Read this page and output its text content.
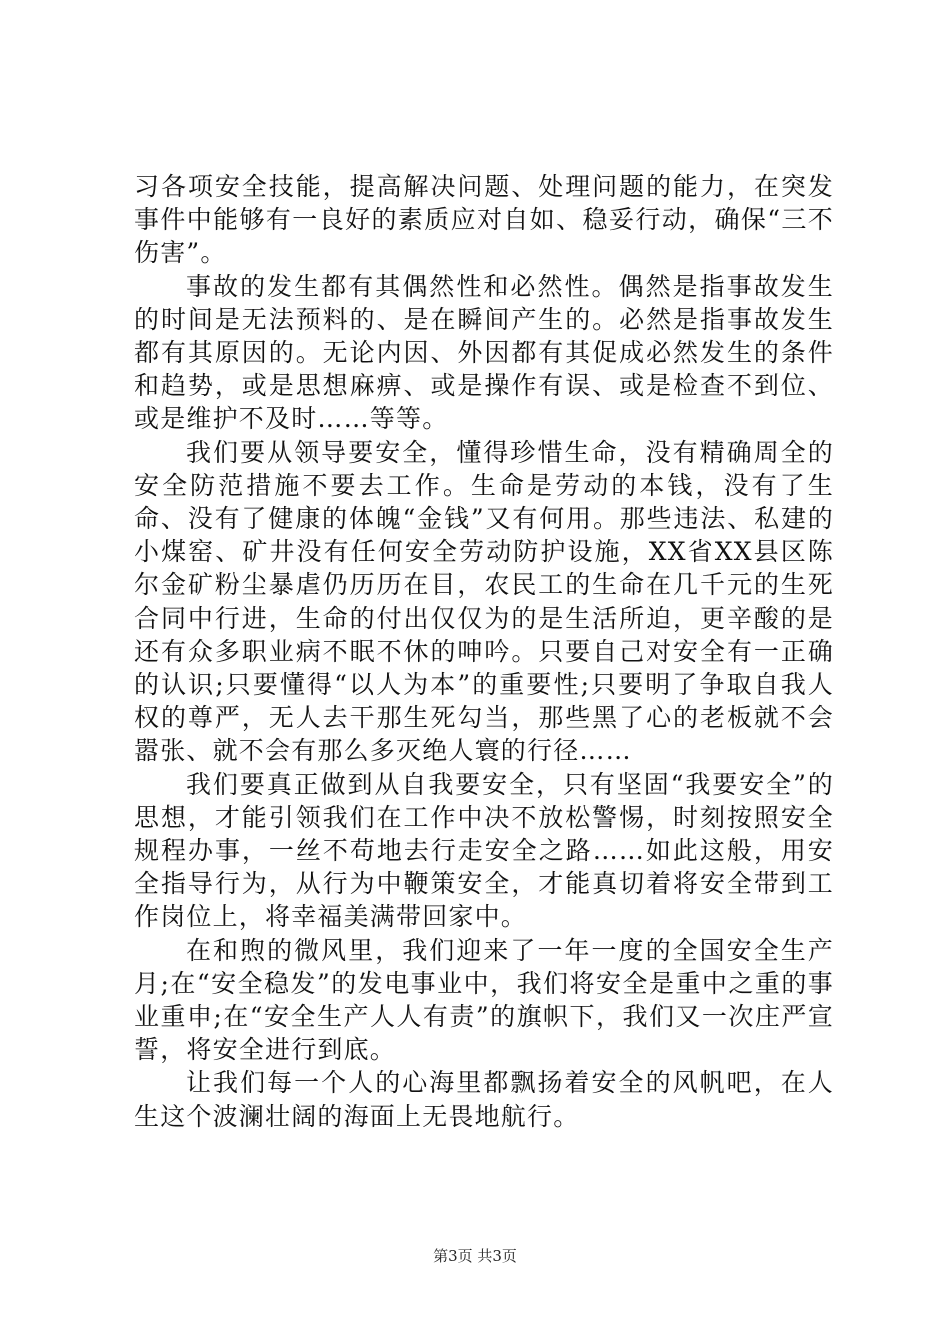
习各项安全技能，提高解决问题、处理问题的能力，在突发事件中能够有一良好的素质应对自如、稳妥行动，确保“三不伤害”。

事故的发生都有其偶然性和必然性。偶然是指事故发生的时间是无法预料的、是在瞬间产生的。必然是指事故发生都有其原因的。无论内因、外因都有其促成必然发生的条件和趋势，或是思想麻痹、或是操作有误、或是检查不到位、或是维护不及时……等等。

我们要从领导要安全，懂得珍惜生命，没有精确周全的安全防范措施不要去工作。生命是劳动的本钱，没有了生命、没有了健康的体魄“金钱”又有何用。那些违法、私建的小煤窑、矿井没有任何安全劳动防护设施，XX省XX县区陈尔金矿粉尘暴虐仍历历在目，农民工的生命在几千元的生死合同中行进，生命的付出仅仅为的是生活所迫，更辛酸的是还有众多职业病不眠不休的呻吟。只要自己对安全有一正确的认识;只要懂得“以人为本”的重要性;只要明了争取自我人权的尊严，无人去干那生死勾当，那些黑了心的老板就不会嚣张、就不会有那么多灭绝人寰的行径……

我们要真正做到从自我要安全，只有坚固“我要安全”的思想，才能引领我们在工作中决不放松警惕，时刻按照安全规程办事，一丝不苟地去行走安全之路……如此这般，用安全指导行为，从行为中鞭策安全，才能真切着将安全带到工作岗位上，将幸福美满带回家中。

在和煦的微风里，我们迎来了一年一度的全国安全生产月;在“安全稳发”的发电事业中，我们将安全是重中之重的事业重申;在“安全生产人人有责”的旗帜下，我们又一次庄严宣誓，将安全进行到底。

让我们每一个人的心海里都飘扬着安全的风帆吧，在人生这个波澜壮阔的海面上无畏地航行。

第3页 共3页
